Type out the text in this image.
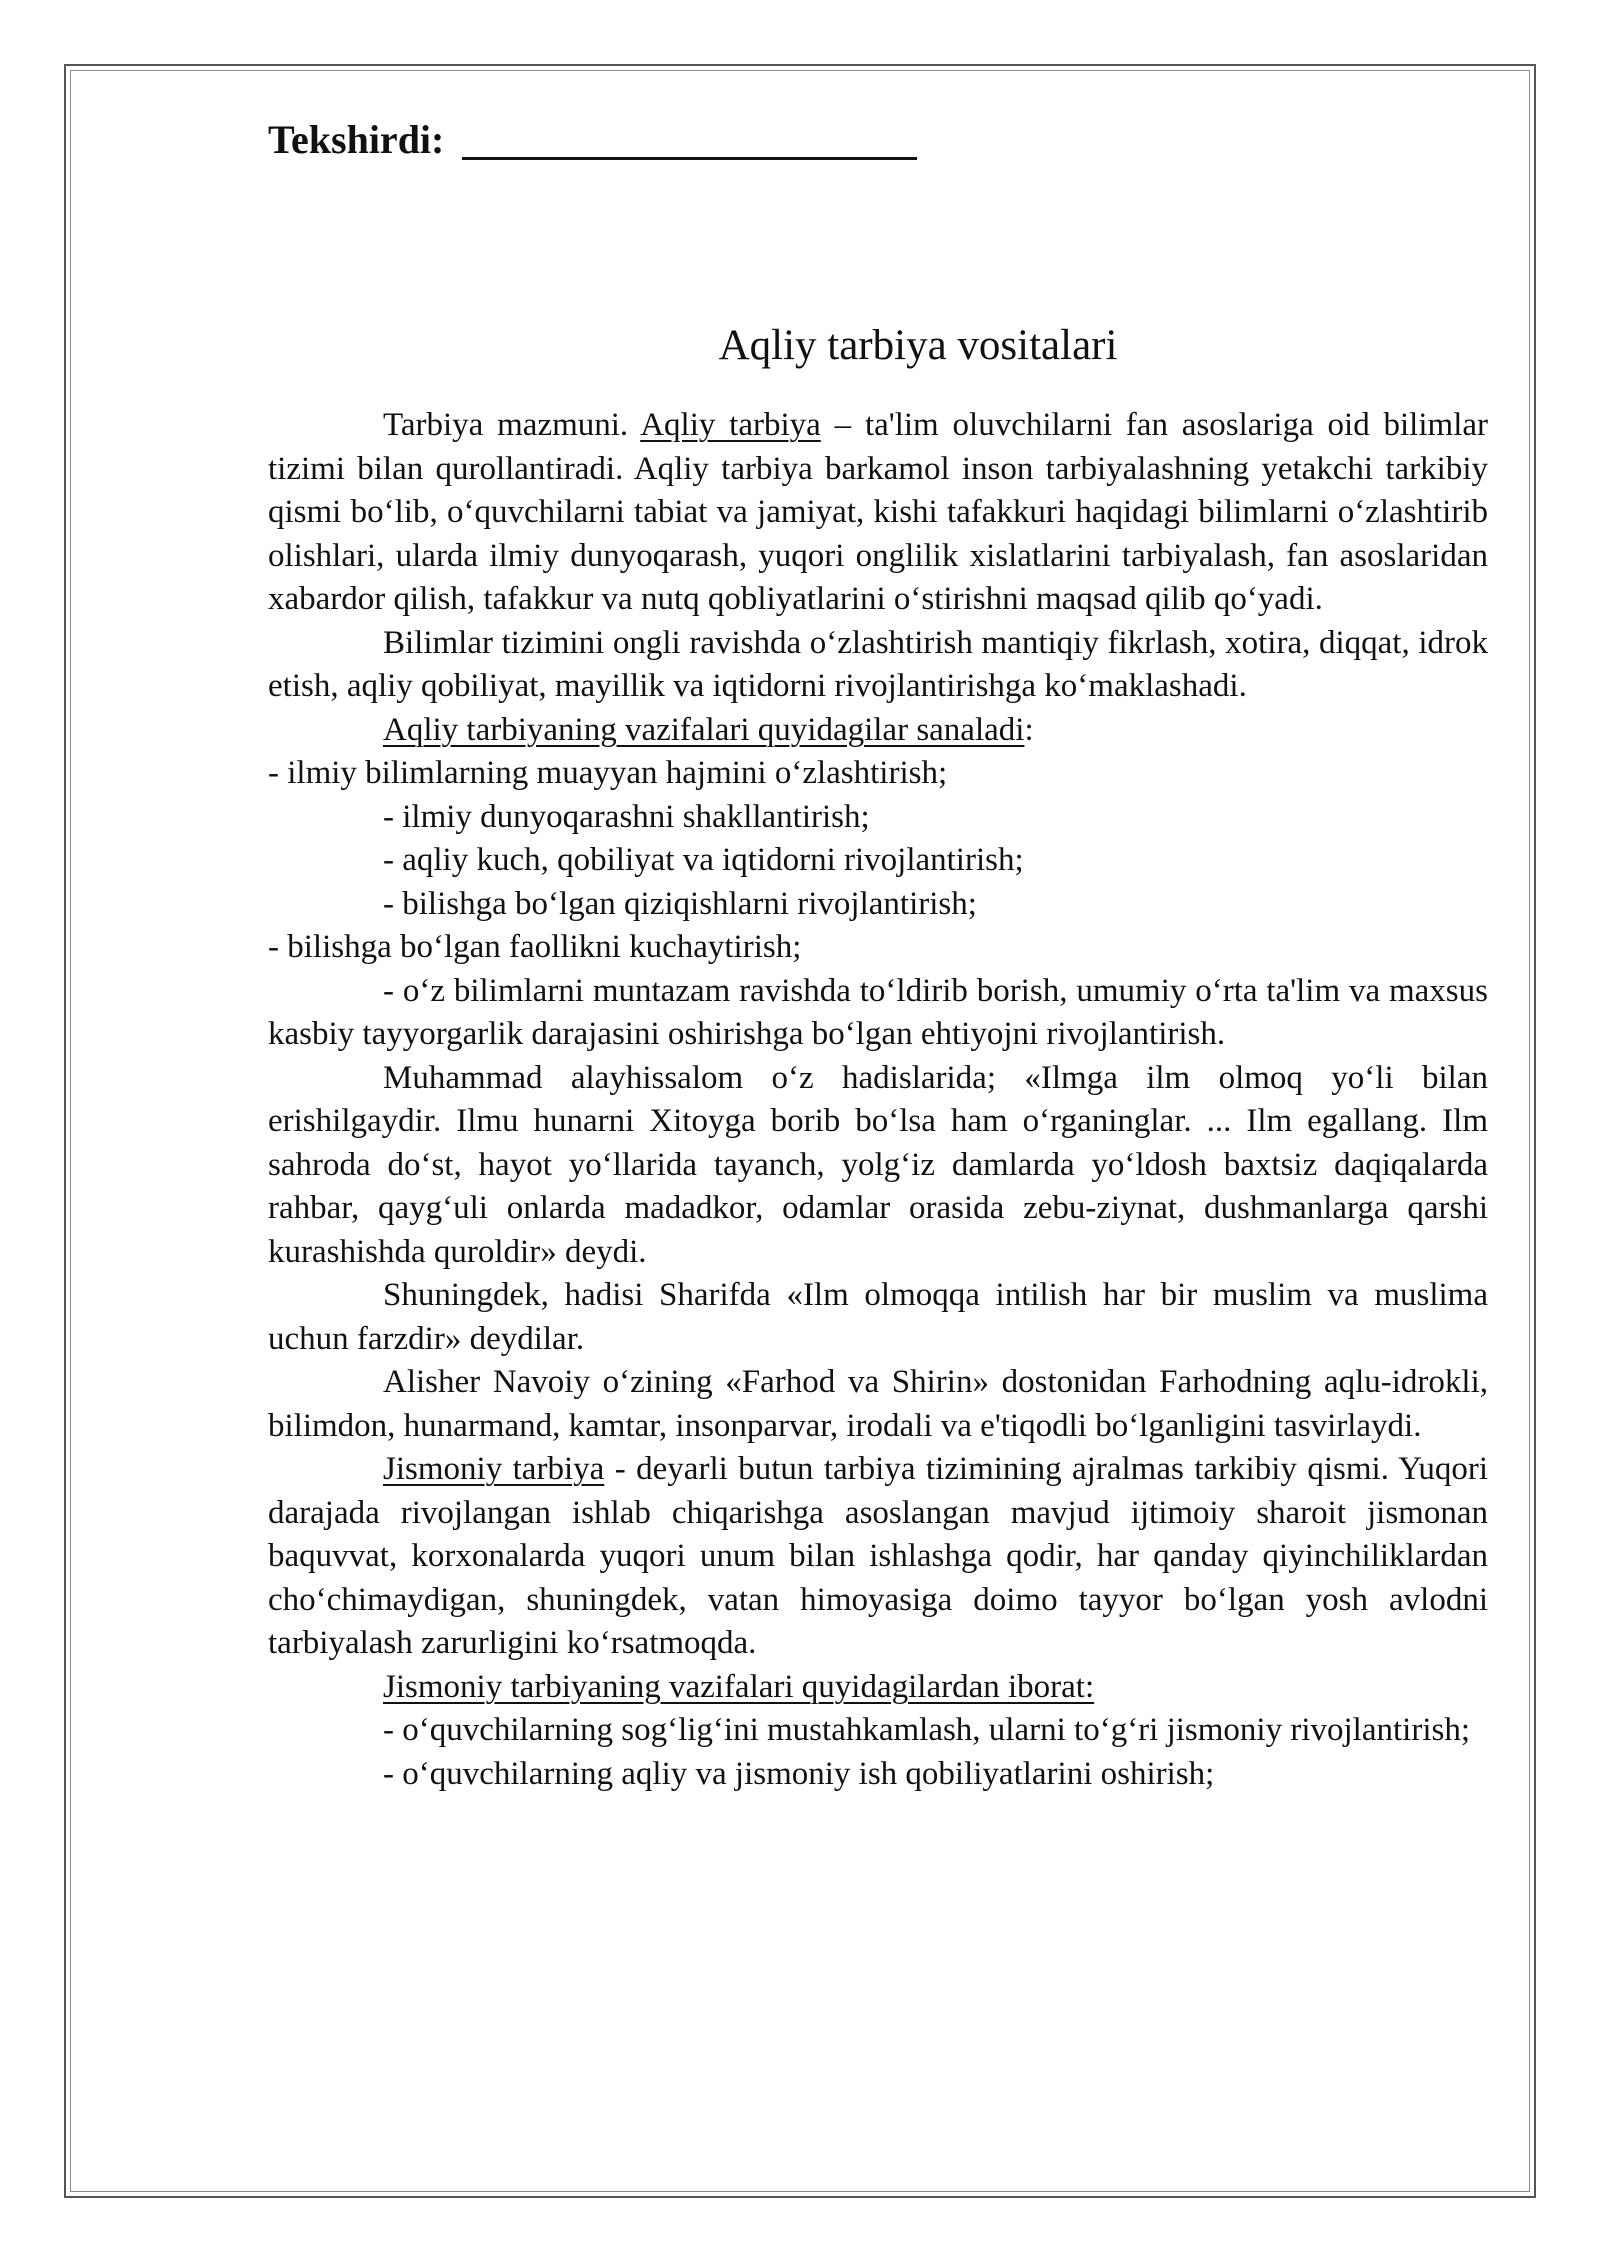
Tekshirdi:
Aqliy tarbiya vositalari

Tarbiya mazmuni. Aqliy tarbiya – ta'lim oluvchilarni fan asoslariga oid bilimlar tizimi bilan qurollantiradi. Aqliy tarbiya barkamol inson tarbiyalashning yetakchi tarkibiy qismi bo‘lib, o‘quvchilarni tabiat va jamiyat, kishi tafakkuri haqidagi bilimlarni o‘zlashtirib olishlari, ularda ilmiy dunyoqarash, yuqori onglilik xislatlarini tarbiyalash, fan asoslaridan xabardor qilish, tafakkur va nutq qobliyatlarini o‘stirishni maqsad qilib qo‘yadi.

Bilimlar tizimini ongli ravishda o‘zlashtirish mantiqiy fikrlash, xotira, diqqat, idrok etish, aqliy qobiliyat, mayillik va iqtidorni rivojlantirishga ko‘maklashadi.

Aqliy tarbiyaning vazifalari quyidagilar sanaladi:

- ilmiy bilimlarning muayyan hajmini o‘zlashtirish;

- ilmiy dunyoqarashni shakllantirish;

- aqliy kuch, qobiliyat va iqtidorni rivojlantirish;

- bilishga bo‘lgan qiziqishlarni rivojlantirish;

- bilishga bo‘lgan faollikni kuchaytirish;

- o‘z bilimlarni muntazam ravishda to‘ldirib borish, umumiy o‘rta ta'lim va maxsus kasbiy tayyorgarlik darajasini oshirishga bo‘lgan ehtiyojni rivojlantirish.

Muhammad alayhissalom o‘z hadislarida; «Ilmga ilm olmoq yo‘li bilan erishilgaydir. Ilmu hunarni Xitoyga borib bo‘lsa ham o‘rganinglar. ... Ilm egallang. Ilm sahroda do‘st, hayot yo‘llarida tayanch, yolg‘iz damlarda yo‘ldosh baxtsiz daqiqalarda rahbar, qayg‘uli onlarda madadkor, odamlar orasida zebu-ziynat, dushmanlarga qarshi kurashishda quroldir» deydi.

Shuningdek, hadisi Sharifda «Ilm olmoqqa intilish har bir muslim va muslima uchun farzdir» deydilar.

Alisher Navoiy o‘zining «Farhod va Shirin» dostonidan Farhodning aqlu-idrokli, bilimdon, hunarmand, kamtar, insonparvar, irodali va e'tiqodli bo‘lganligini tasvirlaydi.

Jismoniy tarbiya - deyarli butun tarbiya tizimining ajralmas tarkibiy qismi. Yuqori darajada rivojlangan ishlab chiqarishga asoslangan mavjud ijtimoiy sharoit jismonan baquvvat, korxonalarda yuqori unum bilan ishlashga qodir, har qanday qiyinchiliklardan cho‘chimaydigan, shuningdek, vatan himoyasiga doimo tayyor bo‘lgan yosh avlodni tarbiyalash zarurligini ko‘rsatmoqda.

Jismoniy tarbiyaning vazifalari quyidagilardan iborat:

- o‘quvchilarning sog‘lig‘ini mustahkamlash, ularni to‘g‘ri jismoniy rivojlantirish;

- o‘quvchilarning aqliy va jismoniy ish qobiliyatlarini oshirish;
